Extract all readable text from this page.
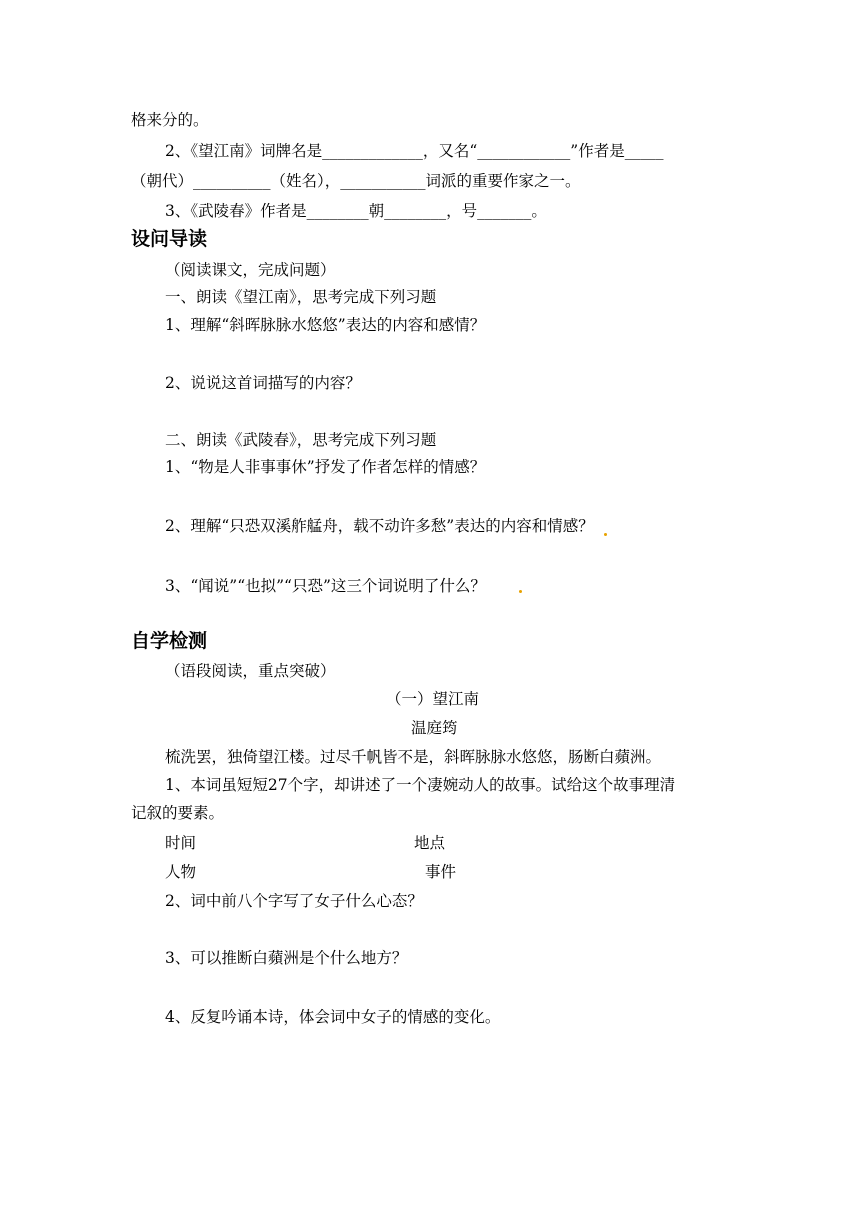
格来分的。
2、《望江南》词牌名是_____________，又名“____________”作者是_____
（朝代）__________（姓名），___________词派的重要作家之一。
3、《武陵春》作者是________朝________，号_______。
设问导读
（阅读课文，完成问题）
一、朗读《望江南》，思考完成下列习题
1、理解“斜晖脉脉水悠悠”表达的内容和感情？
2、说说这首词描写的内容？
二、朗读《武陵春》，思考完成下列习题
1、“物是人非事事休”抒发了作者怎样的情感？
2、理解“只恐双溪舴艋舟，载不动许多愁”表达的内容和情感？
3、“闻说”“也拟”“只恐”这三个词说明了什么？
自学检测
（语段阅读，重点突破）
（一）望江南
温庭筠
梳洗罢，独倚望江楼。过尽千帆皆不是，斜晖脉脉水悠悠，肠断白蘋洲。
1、本词虽短短27个字，却讲述了一个凄婉动人的故事。试给这个故事理清
记叙的要素。
时间	地点
人物	事件
2、词中前八个字写了女子什么心态？
3、可以推断白蘋洲是个什么地方？
4、反复吟诵本诗，体会词中女子的情感的变化。
